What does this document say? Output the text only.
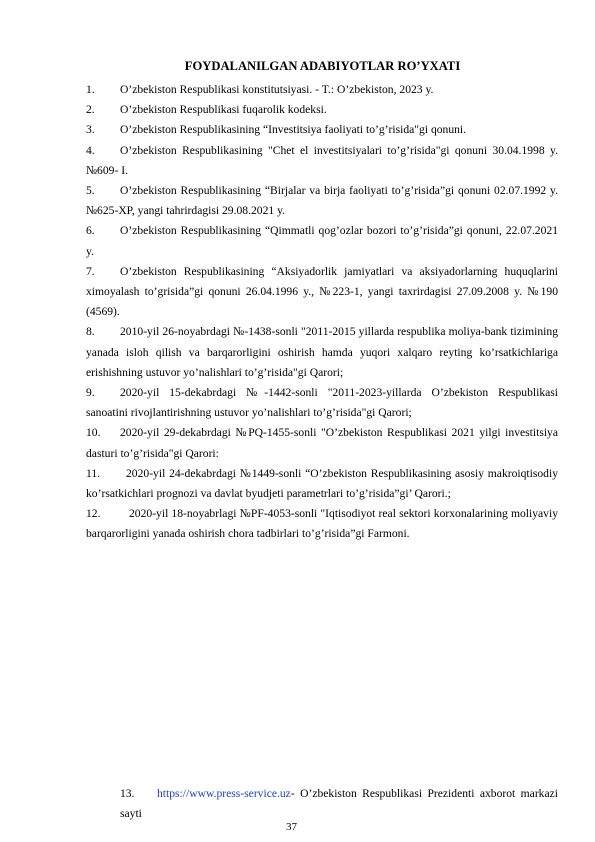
FOYDALANILGAN ADABIYOTLAR RO’YXATI
1. O’zbekiston Respublikasi konstitutsiyasi. - T.: O’zbekiston, 2023 y.
2. O’zbekiston Respublikasi fuqarolik kodeksi.
3. O’zbekiston Respublikasining “Investitsiya faoliyati to’g’risida"gi qonuni.
4. O’zbekiston Respublikasining "Chet el investitsiyalari to’g’risida"gi qonuni 30.04.1998 y. №609- I.
5. O’zbekiston Respublikasining “Birjalar va birja faoliyati to’g’risida”gi qonuni 02.07.1992 y. №625-XP, yangi tahrirdagisi 29.08.2021 y.
6. O’zbekiston Respublikasining “Qimmatli qog’ozlar bozori to’g’risida”gi qonuni, 22.07.2021 y.
7. O’zbekiston Respublikasining “Aksiyadorlik jamiyatlari va aksiyadorlarning huquqlarini ximoyalash to’grisida”gi qonuni 26.04.1996 y., №223-1, yangi taxrirdagisi 27.09.2008 y. №190 (4569).
8. 2010-yil 26-noyabrdagi №-1438-sonli "2011-2015 yillarda respublika moliya-bank tizimining yanada isloh qilish va barqarorligini oshirish hamda yuqori xalqaro reyting ko’rsatkichlariga erishishning ustuvor yo’nalishlari to’g’risida"gi Qarori;
9. 2020-yil 15-dekabrdagi №-1442-sonli "2011-2023-yillarda O’zbekiston Respublikasi sanoatini rivojlantirishning ustuvor yo’nalishlari to’g’risida"gi Qarori;
10. 2020-yil 29-dekabrdagi №PQ-1455-sonli "O’zbekiston Respublikasi 2021 yilgi investitsiya dasturi to’g’risida"gi Qarori:
11. 2020-yil 24-dekabrdagi №1449-sonli “O’zbekiston Respublikasining asosiy makroiqtisodiy ko’rsatkichlari prognozi va davlat byudjeti parametrlari to’g’risida”gi’ Qarori.;
12. 2020-yil 18-noyabrlagi №PF-4053-sonli "Iqtisodiyot real sektori korxonalarining moliyaviy barqarorligini yanada oshirish chora tadbirlari to’g’risida”gi Farmoni.
13. https://www.press-service.uz- O’zbekiston Respublikasi Prezidenti axborot markazi sayti
37
